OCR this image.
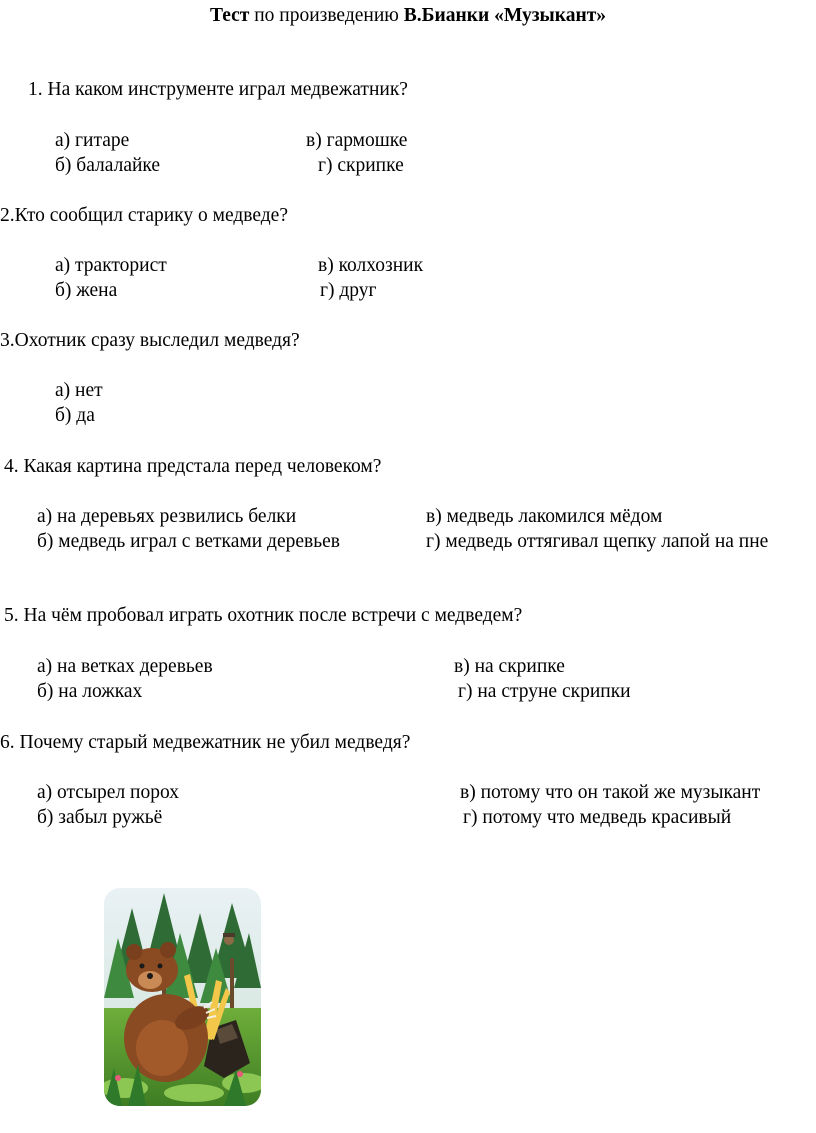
Тест по произведению В.Бианки «Музыкант»
1. На каком инструменте играл медвежатник?
а) гитаре	в) гармошке
б) балалайке	г) скрипке
2.Кто сообщил старику о медведе?
а) тракторист	в) колхозник
б) жена	г) друг
3.Охотник сразу выследил медведя?
а) нет
б) да
4. Какая картина предстала перед человеком?
а) на деревьях резвились белки	в) медведь лакомился мёдом
б) медведь играл с ветками деревьев	г) медведь оттягивал щепку лапой на пне
5. На чём пробовал играть охотник после встречи с медведем?
а) на ветках деревьев	в) на скрипке
б) на ложках	г) на струне скрипки
6. Почему старый медвежатник не убил медведя?
а) отсырел порох	в) потому что он такой же музыкант
б) забыл ружьё	г) потому что медведь красивый
